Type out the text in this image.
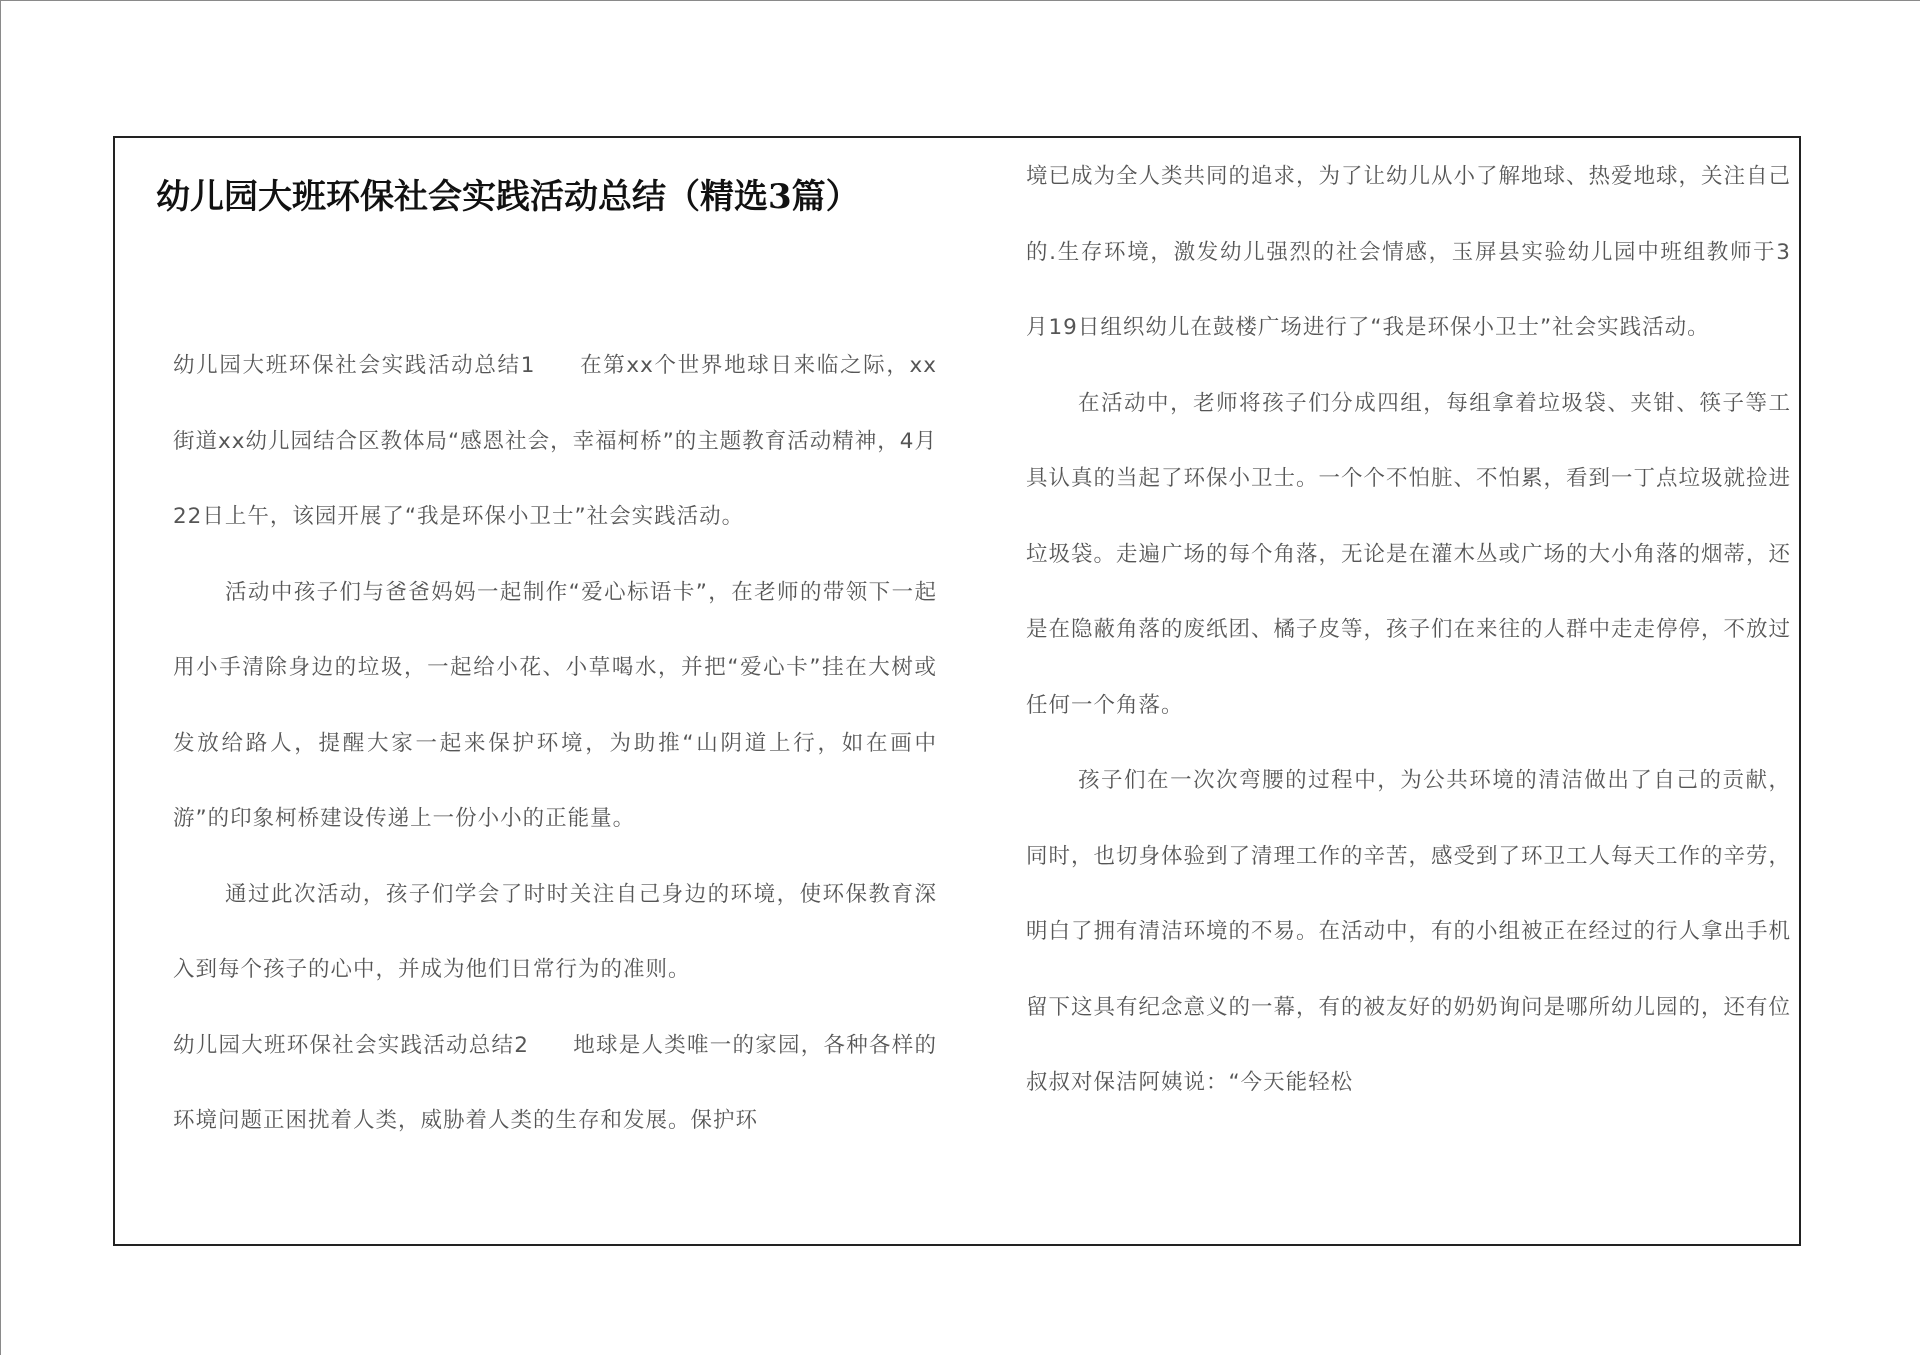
幼儿园大班环保社会实践活动总结（精选3篇）

幼儿园大班环保社会实践活动总结1 在第xx个世界地球日来临之际，xx街道xx幼儿园结合区教体局“感恩社会，幸福柯桥”的主题教育活动精神，4月22日上午，该园开展了“我是环保小卫士”社会实践活动。

活动中孩子们与爸爸妈妈一起制作“爱心标语卡”，在老师的带领下一起用小手清除身边的垃圾，一起给小花、小草喝水，并把“爱心卡”挂在大树或发放给路人，提醒大家一起来保护环境，为助推“山阴道上行，如在画中游”的印象柯桥建设传递上一份小小的正能量。

通过此次活动，孩子们学会了时时关注自己身边的环境，使环保教育深入到每个孩子的心中，并成为他们日常行为的准则。

幼儿园大班环保社会实践活动总结2 地球是人类唯一的家园，各种各样的环境问题正困扰着人类，威胁着人类的生存和发展。保护环

境已成为全人类共同的追求，为了让幼儿从小了解地球、热爱地球，关注自己的.生存环境，激发幼儿强烈的社会情感，玉屏县实验幼儿园中班组教师于3月19日组织幼儿在鼓楼广场进行了“我是环保小卫士”社会实践活动。

在活动中，老师将孩子们分成四组，每组拿着垃圾袋、夹钳、筷子等工具认真的当起了环保小卫士。一个个不怕脏、不怕累，看到一丁点垃圾就捡进垃圾袋。走遍广场的每个角落，无论是在灌木丛或广场的大小角落的烟蒂，还是在隐蔽角落的废纸团、橘子皮等，孩子们在来往的人群中走走停停，不放过任何一个角落。

孩子们在一次次弯腰的过程中，为公共环境的清洁做出了自己的贡献，同时，也切身体验到了清理工作的辛苦，感受到了环卫工人每天工作的辛劳，明白了拥有清洁环境的不易。在活动中，有的小组被正在经过的行人拿出手机留下这具有纪念意义的一幕，有的被友好的奶奶询问是哪所幼儿园的，还有位叔叔对保洁阿姨说：“今天能轻松
